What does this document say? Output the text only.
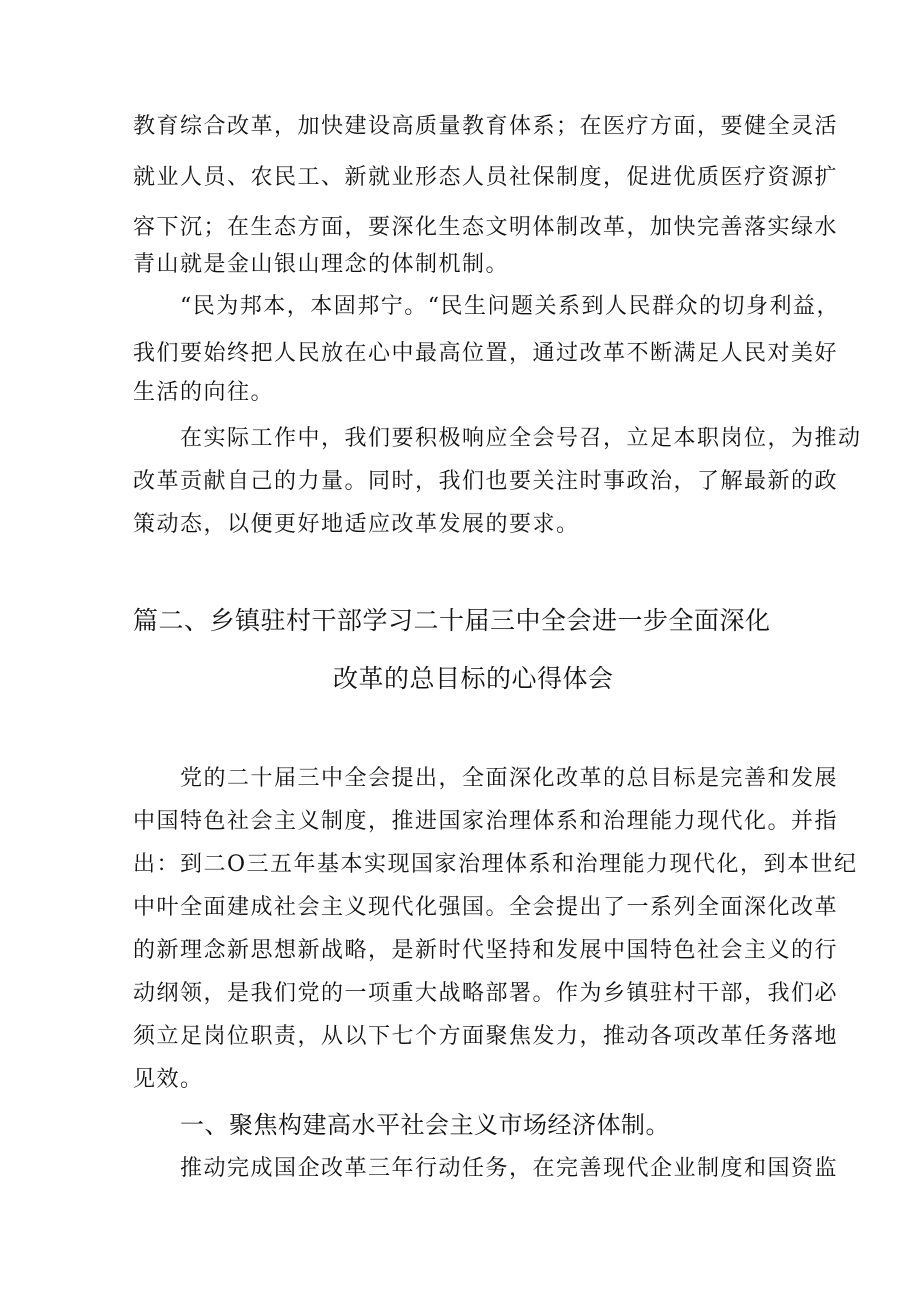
教育综合改革，加快建设高质量教育体系；在医疗方面，要健全灵活
就业人员、农民工、新就业形态人员社保制度，促进优质医疗资源扩
容下沉；在生态方面，要深化生态文明体制改革，加快完善落实绿水
青山就是金山银山理念的体制机制。
“民为邦本，本固邦宁。“民生问题关系到人民群众的切身利益，
我们要始终把人民放在心中最高位置，通过改革不断满足人民对美好
生活的向往。
在实际工作中，我们要积极响应全会号召，立足本职岗位，为推动
改革贡献自己的力量。同时，我们也要关注时事政治，了解最新的政
策动态，以便更好地适应改革发展的要求。
篇二、乡镇驻村干部学习二十届三中全会进一步全面深化
改革的总目标的心得体会
党的二十届三中全会提出，全面深化改革的总目标是完善和发展
中国特色社会主义制度，推进国家治理体系和治理能力现代化。并指
出：到二O三五年基本实现国家治理体系和治理能力现代化，到本世纪
中叶全面建成社会主义现代化强国。全会提出了一系列全面深化改革
的新理念新思想新战略，是新时代坚持和发展中国特色社会主义的行
动纲领，是我们党的一项重大战略部署。作为乡镇驻村干部，我们必
须立足岗位职责，从以下七个方面聚焦发力，推动各项改革任务落地
见效。
一、聚焦构建高水平社会主义市场经济体制。
推动完成国企改革三年行动任务，在完善现代企业制度和国资监
